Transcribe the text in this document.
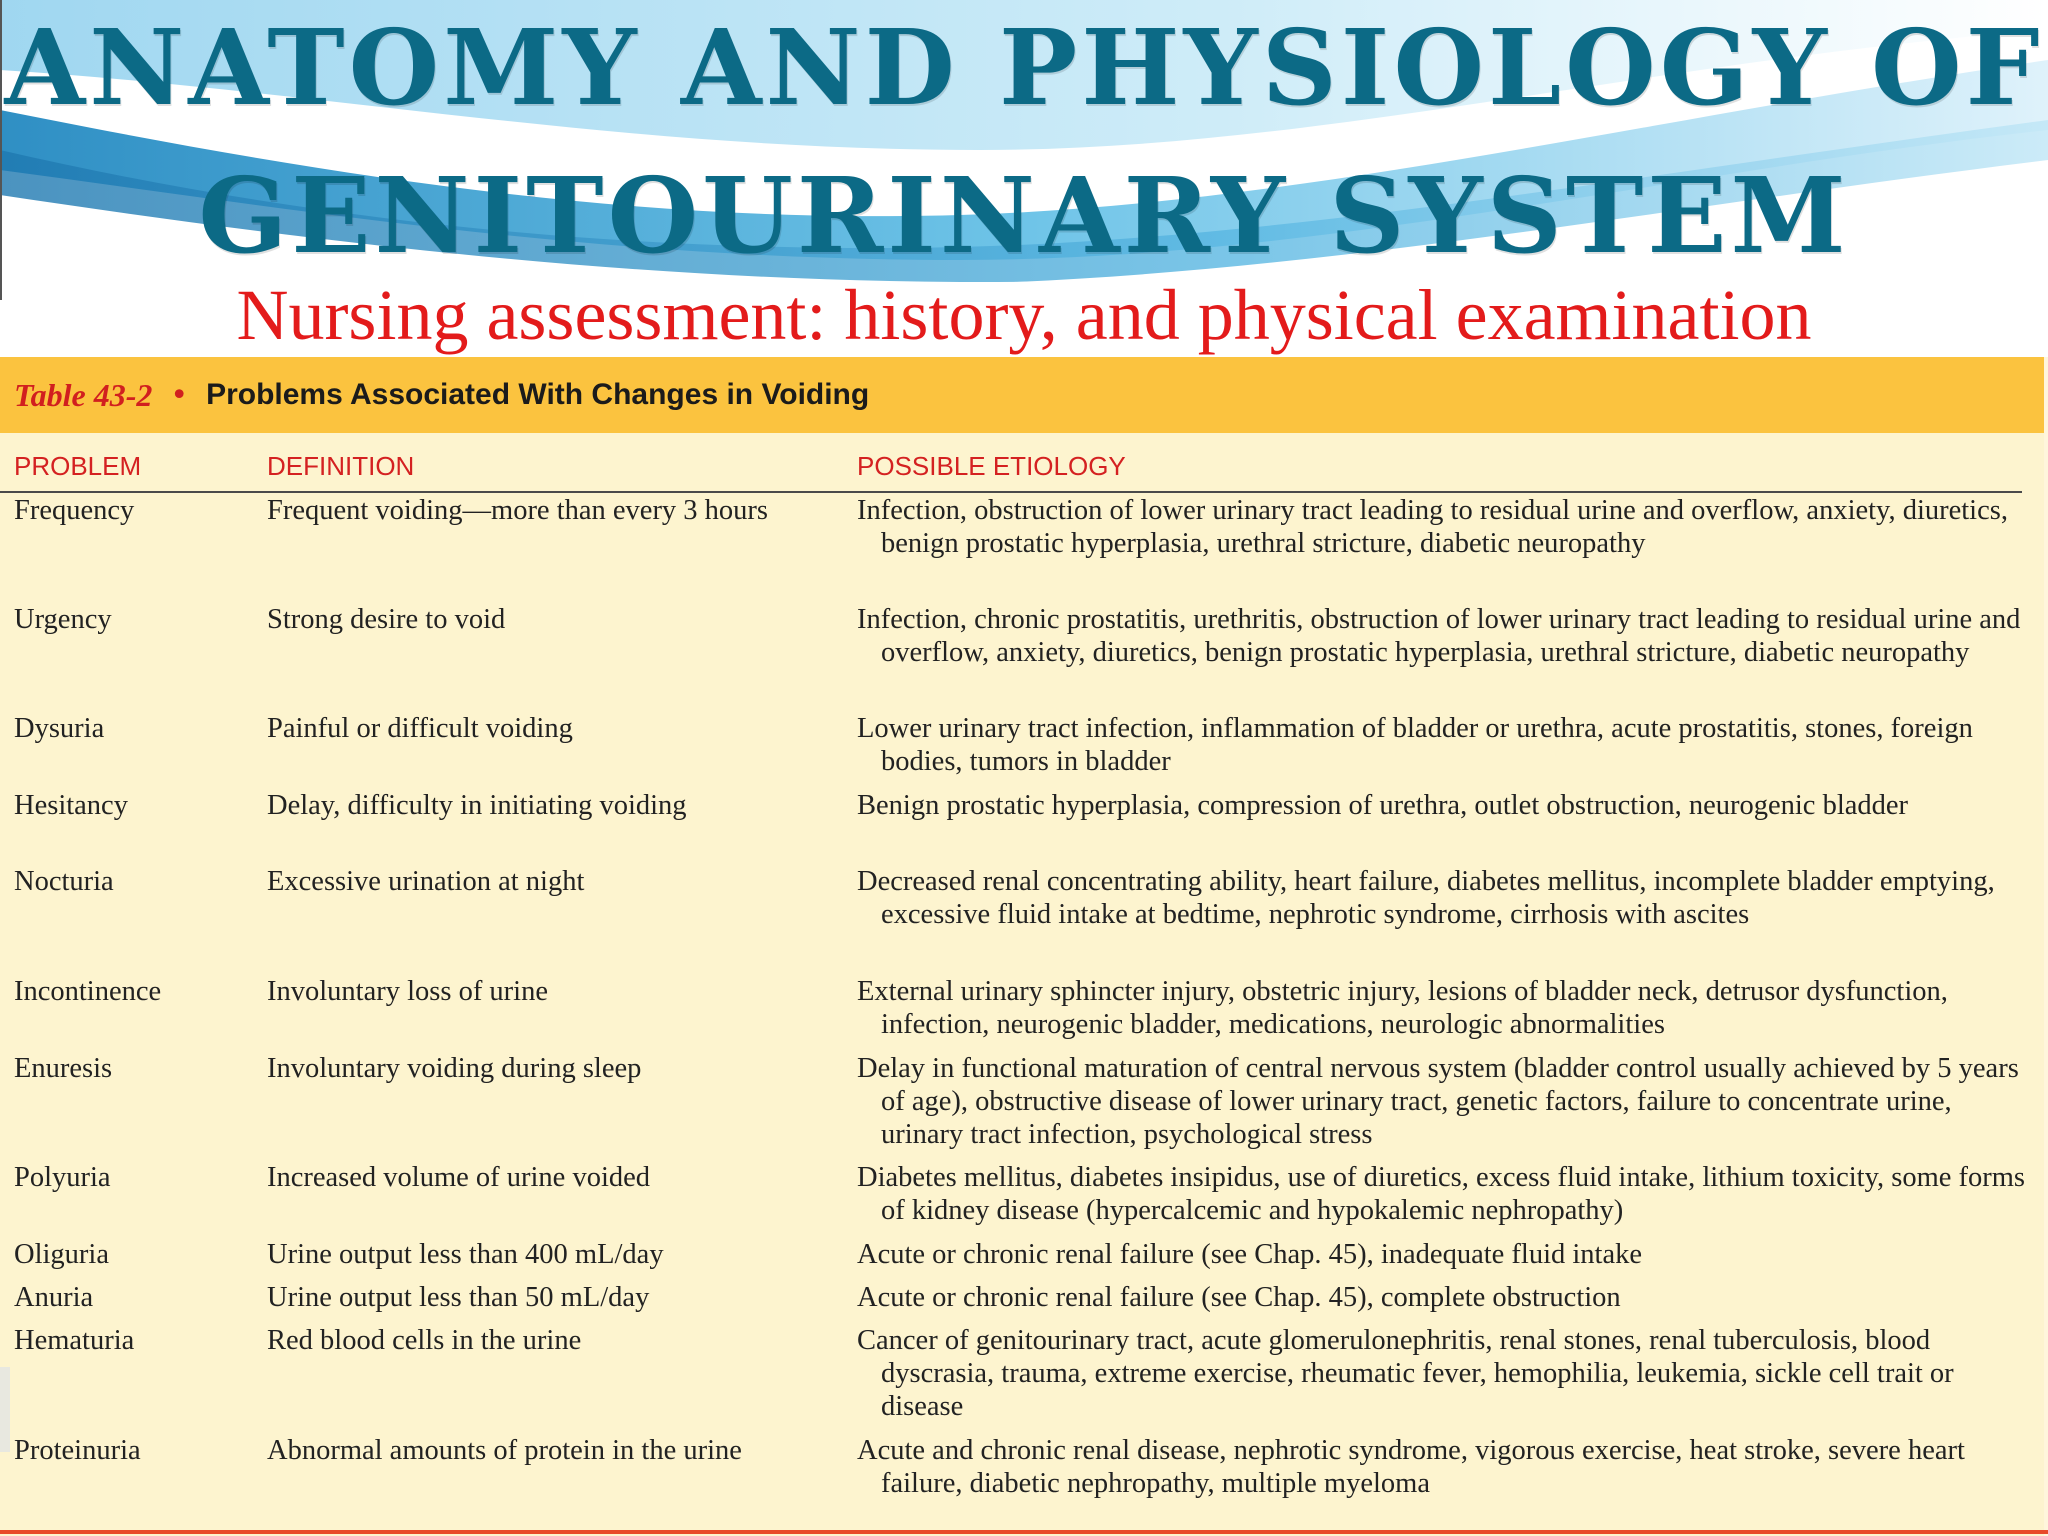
ANATOMY AND PHYSIOLOGY OF
GENITOURINARY SYSTEM
Nursing assessment: history, and physical examination
Table 43-2 • Problems Associated With Changes in Voiding
PROBLEM	DEFINITION	POSSIBLE ETIOLOGY
Frequency	Frequent voiding—more than every 3 hours	Infection, obstruction of lower urinary tract leading to residual urine and overflow, anxiety, diuretics, benign prostatic hyperplasia, urethral stricture, diabetic neuropathy
Urgency	Strong desire to void	Infection, chronic prostatitis, urethritis, obstruction of lower urinary tract leading to residual urine and overflow, anxiety, diuretics, benign prostatic hyperplasia, urethral stricture, diabetic neuropathy
Dysuria	Painful or difficult voiding	Lower urinary tract infection, inflammation of bladder or urethra, acute prostatitis, stones, foreign bodies, tumors in bladder
Hesitancy	Delay, difficulty in initiating voiding	Benign prostatic hyperplasia, compression of urethra, outlet obstruction, neurogenic bladder
Nocturia	Excessive urination at night	Decreased renal concentrating ability, heart failure, diabetes mellitus, incomplete bladder emptying, excessive fluid intake at bedtime, nephrotic syndrome, cirrhosis with ascites
Incontinence	Involuntary loss of urine	External urinary sphincter injury, obstetric injury, lesions of bladder neck, detrusor dysfunction, infection, neurogenic bladder, medications, neurologic abnormalities
Enuresis	Involuntary voiding during sleep	Delay in functional maturation of central nervous system (bladder control usually achieved by 5 years of age), obstructive disease of lower urinary tract, genetic factors, failure to concentrate urine, urinary tract infection, psychological stress
Polyuria	Increased volume of urine voided	Diabetes mellitus, diabetes insipidus, use of diuretics, excess fluid intake, lithium toxicity, some forms of kidney disease (hypercalcemic and hypokalemic nephropathy)
Oliguria	Urine output less than 400 mL/day	Acute or chronic renal failure (see Chap. 45), inadequate fluid intake
Anuria	Urine output less than 50 mL/day	Acute or chronic renal failure (see Chap. 45), complete obstruction
Hematuria	Red blood cells in the urine	Cancer of genitourinary tract, acute glomerulonephritis, renal stones, renal tuberculosis, blood dyscrasia, trauma, extreme exercise, rheumatic fever, hemophilia, leukemia, sickle cell trait or disease
Proteinuria	Abnormal amounts of protein in the urine	Acute and chronic renal disease, nephrotic syndrome, vigorous exercise, heat stroke, severe heart failure, diabetic nephropathy, multiple myeloma
